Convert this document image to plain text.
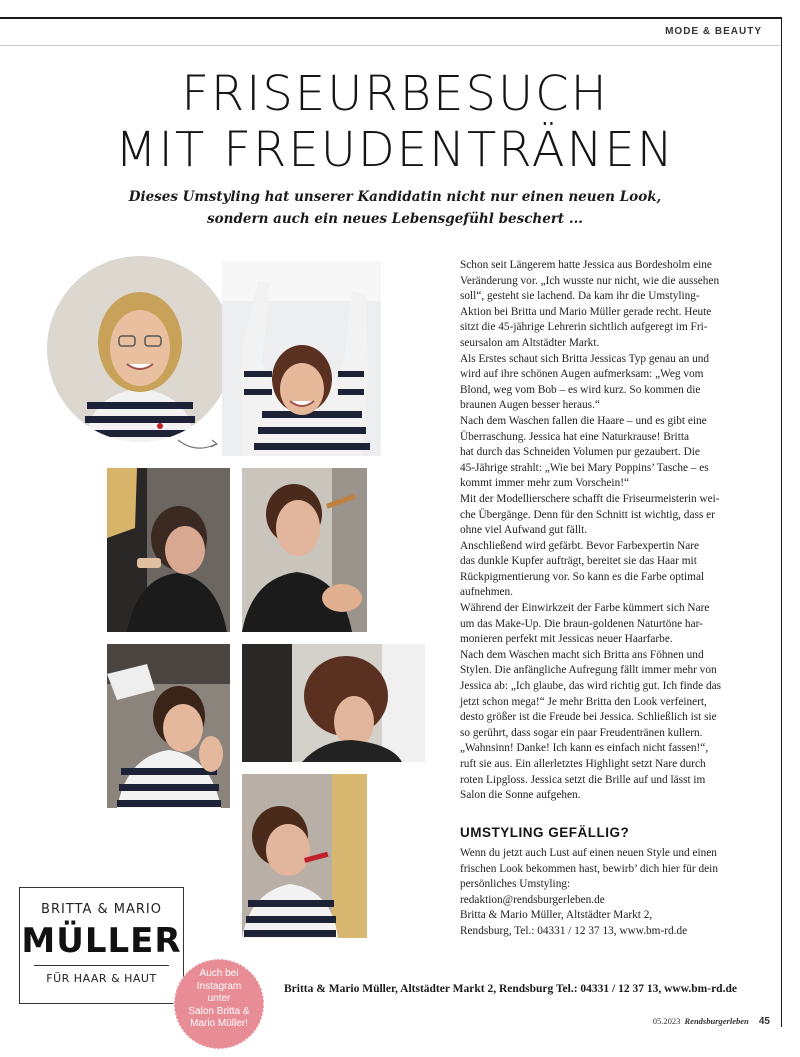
MODE & BEAUTY
FRISEURBESUCH
MIT FREUDENTRÄNEN
Dieses Umstyling hat unserer Kandidatin nicht nur einen neuen Look,
sondern auch ein neues Lebensgefühl beschert ...

Schon seit Längerem hatte Jessica aus Bordesholm eine

Veränderung vor. „Ich wusste nur nicht, wie die aussehen

soll“, gesteht sie lachend. Da kam ihr die Umstyling-

Aktion bei Britta und Mario Müller gerade recht. Heute

sitzt die 45-jährige Lehrerin sichtlich aufgeregt im Fri-

seursalon am Altstädter Markt.

Als Erstes schaut sich Britta Jessicas Typ genau an und

wird auf ihre schönen Augen aufmerksam: „Weg vom

Blond, weg vom Bob – es wird kurz. So kommen die

braunen Augen besser heraus.“

Nach dem Waschen fallen die Haare – und es gibt eine

Überraschung. Jessica hat eine Naturkrause! Britta

hat durch das Schneiden Volumen pur gezaubert. Die

45-Jährige strahlt: „Wie bei Mary Poppins’ Tasche – es

kommt immer mehr zum Vorschein!“

Mit der Modellierschere schafft die Friseurmeisterin wei-

che Übergänge. Denn für den Schnitt ist wichtig, dass er

ohne viel Aufwand gut fällt.

Anschließend wird gefärbt. Bevor Farbexpertin Nare

das dunkle Kupfer aufträgt, bereitet sie das Haar mit

Rückpigmentierung vor. So kann es die Farbe optimal

aufnehmen.

Während der Einwirkzeit der Farbe kümmert sich Nare

um das Make-Up. Die braun-goldenen Naturtöne har-

monieren perfekt mit Jessicas neuer Haarfarbe.

Nach dem Waschen macht sich Britta ans Föhnen und

Stylen. Die anfängliche Aufregung fällt immer mehr von

Jessica ab: „Ich glaube, das wird richtig gut. Ich finde das

jetzt schon mega!“ Je mehr Britta den Look verfeinert,

desto größer ist die Freude bei Jessica. Schließlich ist sie

so gerührt, dass sogar ein paar Freudentränen kullern.

„Wahnsinn! Danke! Ich kann es einfach nicht fassen!“,

ruft sie aus. Ein allerletztes Highlight setzt Nare durch

roten Lipgloss. Jessica setzt die Brille auf und lässt im

Salon die Sonne aufgehen.

UMSTYLING GEFÄLLIG?

Wenn du jetzt auch Lust auf einen neuen Style und einen

frischen Look bekommen hast, bewirb’ dich hier für dein

persönliches Umstyling:

redaktion@rendsburgerleben.de

Britta & Mario Müller, Altstädter Markt 2,

Rendsburg, Tel.: 04331 / 12 37 13, www.bm-rd.de

BRITTA & MARIO
MÜLLER
FÜR HAAR & HAUT	Auch bei
Instagram
unter
Salon Britta &
Mario Müller!
Britta & Mario Müller, Altstädter Markt 2, Rendsburg Tel.: 04331 / 12 37 13, www.bm-rd.de
05.2023 Rendsburgerleben 45
